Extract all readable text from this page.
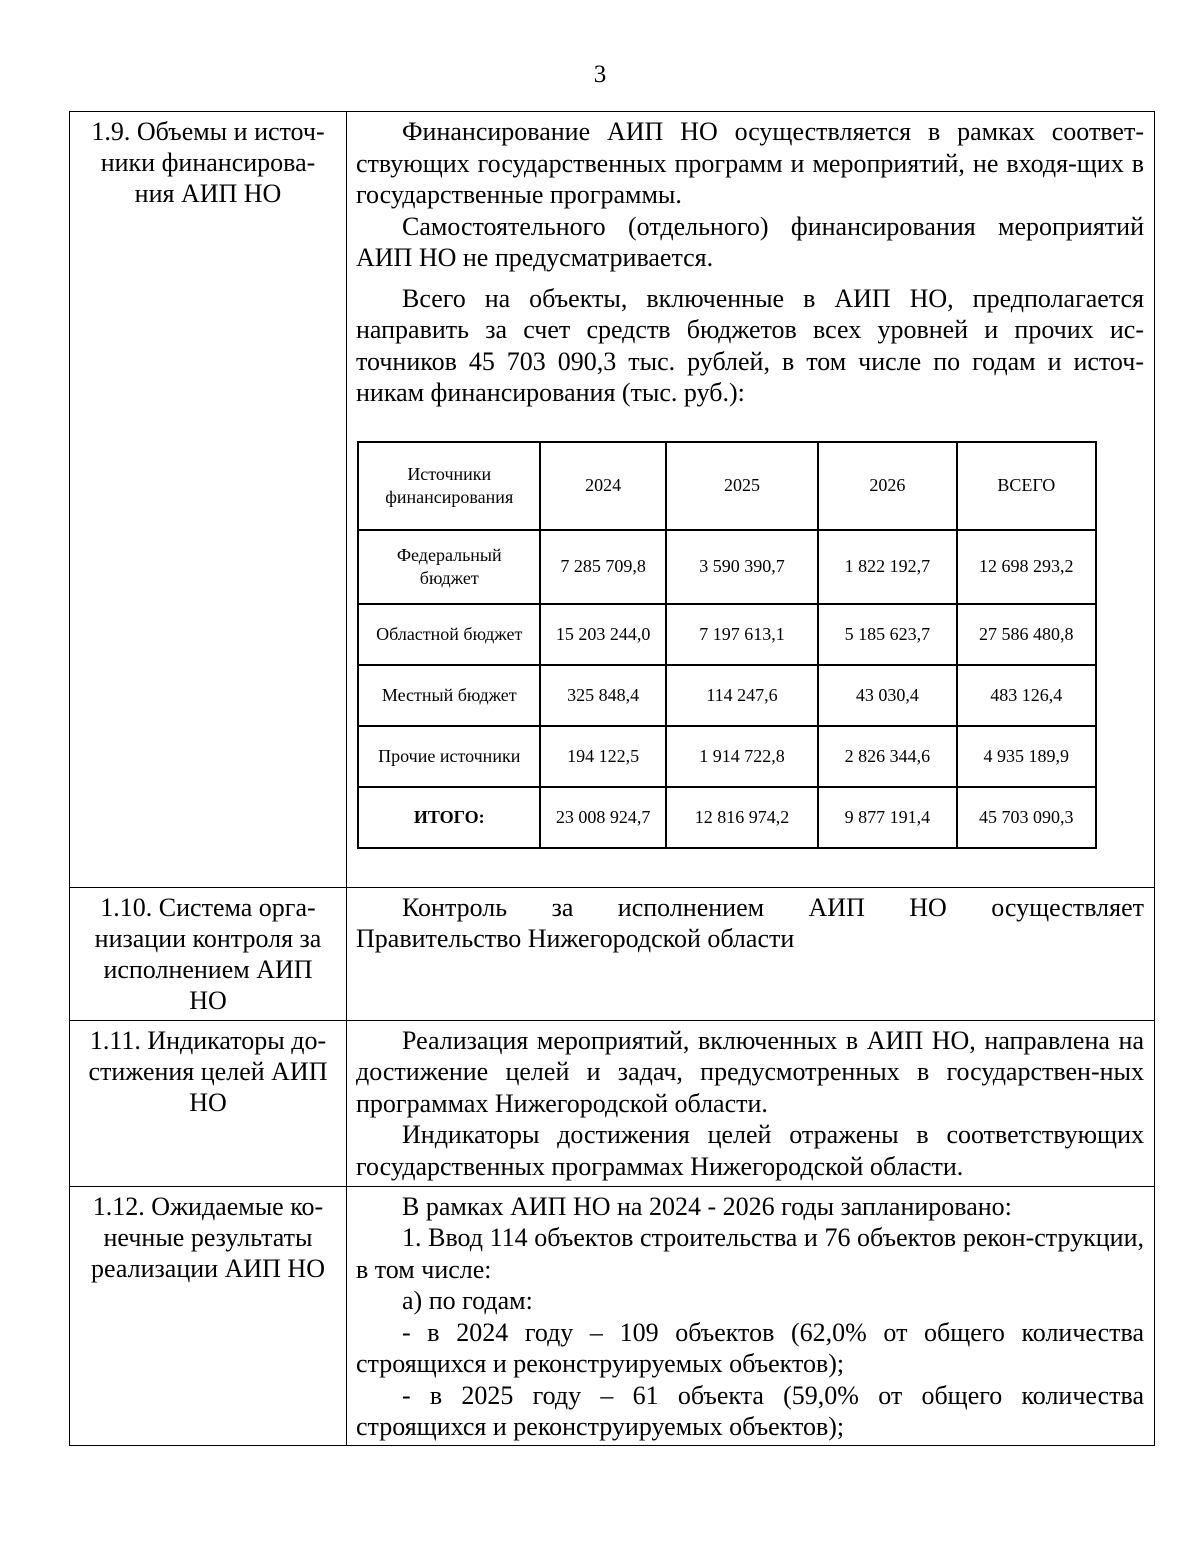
3
1.9. Объемы и источ-
ники финансирова-
ния АИП НО

Финансирование АИП НО осуществляется в рамках соответ-ствующих государственных программ и мероприятий, не входя-щих в государственные программы.

Самостоятельного (отдельного) финансирования мероприятий АИП НО не предусматривается.

Всего на объекты, включенные в АИП НО, предполагается направить за счет средств бюджетов всех уровней и прочих ис-точников 45 703 090,3 тыс. рублей, в том числе по годам и источ-никам финансирования (тыс. руб.):

Источники финансирования	2024	2025	2026	ВСЕГО
Федеральный бюджет	7 285 709,8	3 590 390,7	1 822 192,7	12 698 293,2
Областной бюджет	15 203 244,0	7 197 613,1	5 185 623,7	27 586 480,8
Местный бюджет	325 848,4	114 247,6	43 030,4	483 126,4
Прочие источники	194 122,5	1 914 722,8	2 826 344,6	4 935 189,9
ИТОГО:	23 008 924,7	12 816 974,2	9 877 191,4	45 703 090,3

1.10. Система орга-
низации контроля за
исполнением АИП
НО

Контроль за исполнением АИП НО осуществляет

Правительство Нижегородской области

1.11. Индикаторы до-
стижения целей АИП
НО

Реализация мероприятий, включенных в АИП НО, направлена на достижение целей и задач, предусмотренных в государствен-ных программах Нижегородской области.

Индикаторы достижения целей отражены в соответствующих государственных программах Нижегородской области.

1.12. Ожидаемые ко-
нечные результаты
реализации АИП НО

В рамках АИП НО на 2024 - 2026 годы запланировано:

1. Ввод 114 объектов строительства и 76 объектов рекон-струкции, в том числе:

а) по годам:

- в 2024 году – 109 объектов (62,0% от общего количества строящихся и реконструируемых объектов);

- в 2025 году – 61 объекта (59,0% от общего количества строящихся и реконструируемых объектов);
